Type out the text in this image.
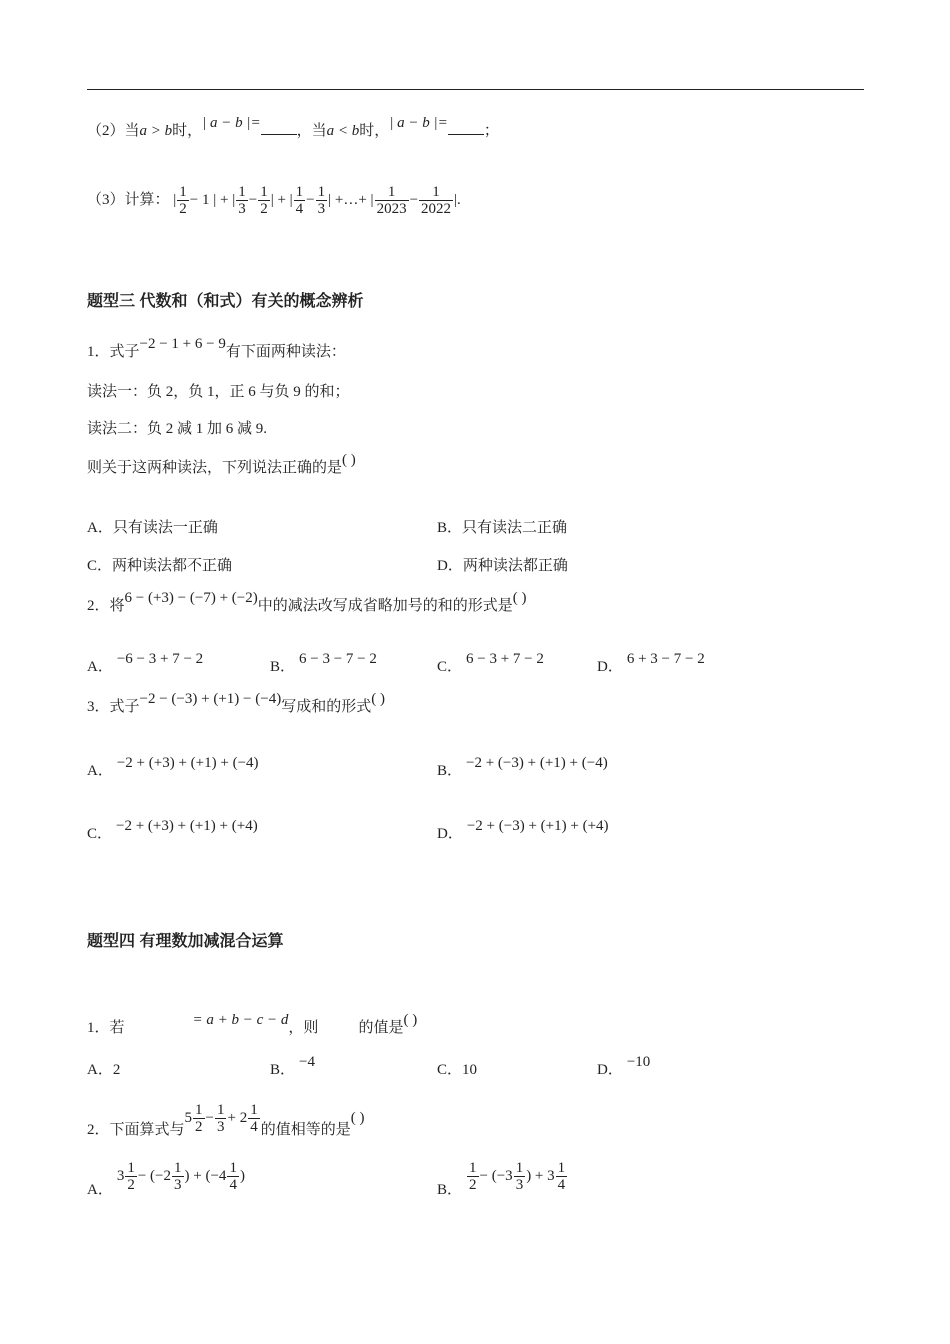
（2）当a > b时，| a − b |= ，当a < b时，| a − b |= ；
（3）计算： | $\frac{1}{2} - 1$ | + | $\frac{1}{3} - \frac{1}{2}$ | + | $\frac{1}{4} - \frac{1}{3}$ | +…+ | $\frac{1}{2023} - \frac{1}{2022}$ |.
题型三 代数和（和式）有关的概念辨析
1．式子−2 − 1 + 6 − 9有下面两种读法：
读法一：负 2，负 1，正 6 与负 9 的和；
读法二：负 2 减 1 加 6 减 9.
则关于这两种读法，下列说法正确的是( )
A．只有读法一正确	B．只有读法二正确
C．两种读法都不正确	D．两种读法都正确
2．将6 − (+3) − (−7) + (−2)中的减法改写成省略加号的和的形式是( )
A． −6 − 3 + 7 − 2	B． 6 − 3 − 7 − 2	C． 6 − 3 + 7 − 2	D． 6 + 3 − 7 − 2
3．式子−2 − (−3) + (+1) − (−4)写成和的形式( )
A． −2 + (+3) + (+1) + (−4)	B． −2 + (−3) + (+1) + (−4)
C． −2 + (+3) + (+1) + (+4)	D． −2 + (−3) + (+1) + (+4)
题型四 有理数加减混合运算
1．若	= a + b − c − d，则	的值是( )
A．2	B． −4	C．10	D． −10
2．下面算式与$5 \frac{1}{2} - \frac{1}{3} + 2 \frac{1}{4}$ 的值相等的是( )
A．$3 \frac{1}{2} - (-2 \frac{1}{3}$ ) + ($-4 \frac{1}{4}$ )
B． $\frac{1}{2} - (-3 \frac{1}{3}$ ) + $3 \frac{1}{4}$
